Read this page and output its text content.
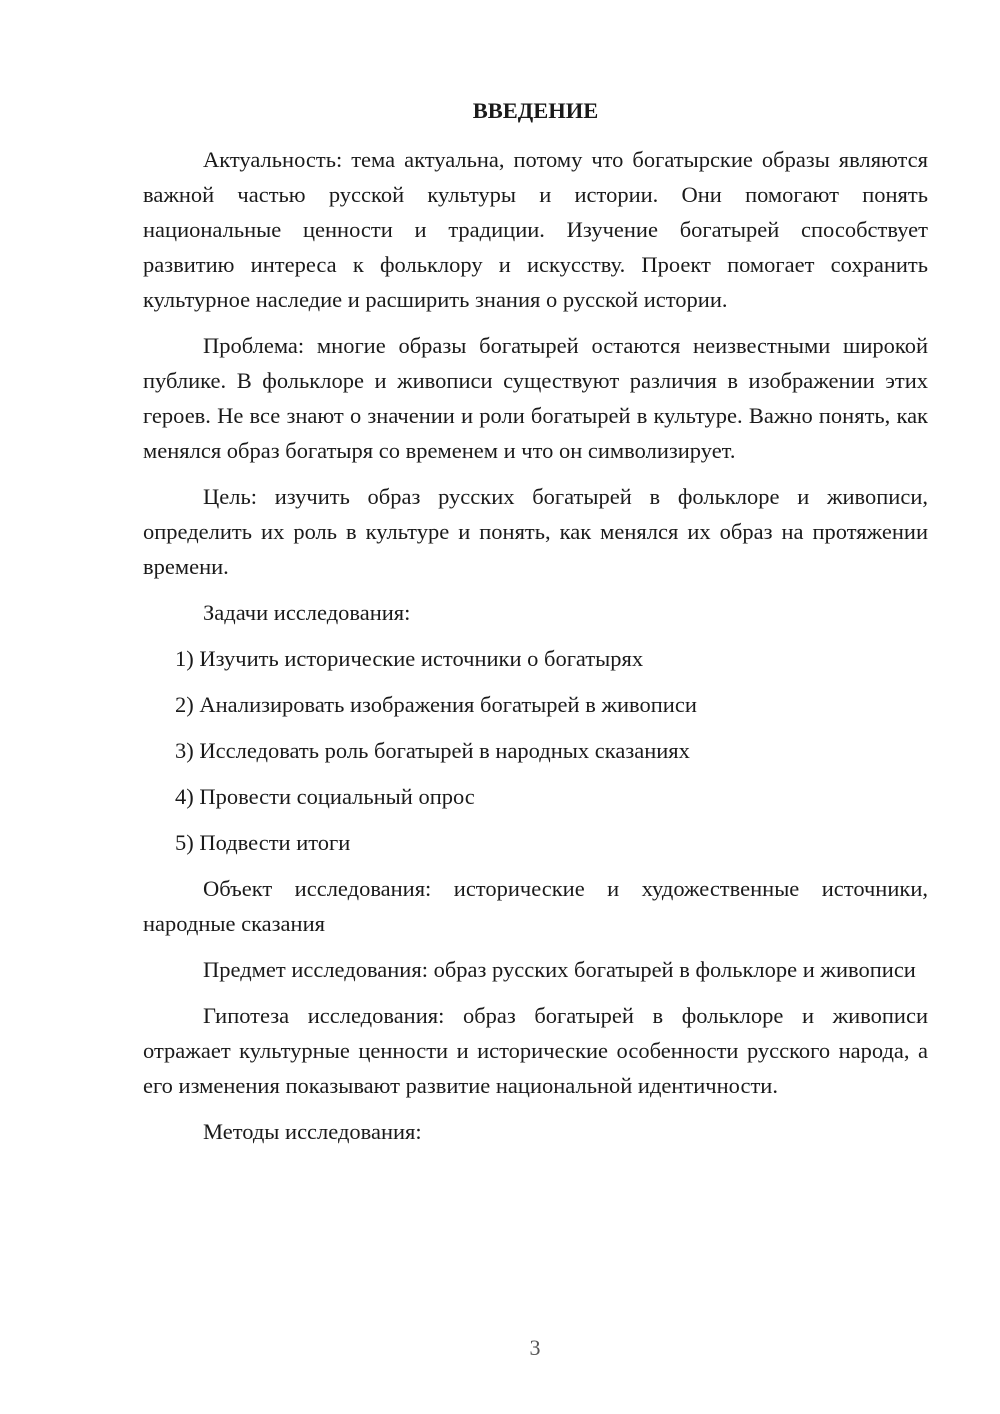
ВВЕДЕНИЕ

Актуальность: тема актуальна, потому что богатырские образы являются важной частью русской культуры и истории. Они помогают понять национальные ценности и традиции. Изучение богатырей способствует развитию интереса к фольклору и искусству. Проект помогает сохранить культурное наследие и расширить знания о русской истории.

Проблема: многие образы богатырей остаются неизвестными широкой публике. В фольклоре и живописи существуют различия в изображении этих героев. Не все знают о значении и роли богатырей в культуре. Важно понять, как менялся образ богатыря со временем и что он символизирует.

Цель: изучить образ русских богатырей в фольклоре и живописи, определить их роль в культуре и понять, как менялся их образ на протяжении времени.

Задачи исследования:

1) Изучить исторические источники о богатырях
2) Анализировать изображения богатырей в живописи
3) Исследовать роль богатырей в народных сказаниях
4) Провести социальный опрос
5) Подвести итоги

Объект исследования: исторические и художественные источники, народные сказания

Предмет исследования: образ русских богатырей в фольклоре и живописи

Гипотеза исследования: образ богатырей в фольклоре и живописи отражает культурные ценности и исторические особенности русского народа, а его изменения показывают развитие национальной идентичности.

Методы исследования:

3
